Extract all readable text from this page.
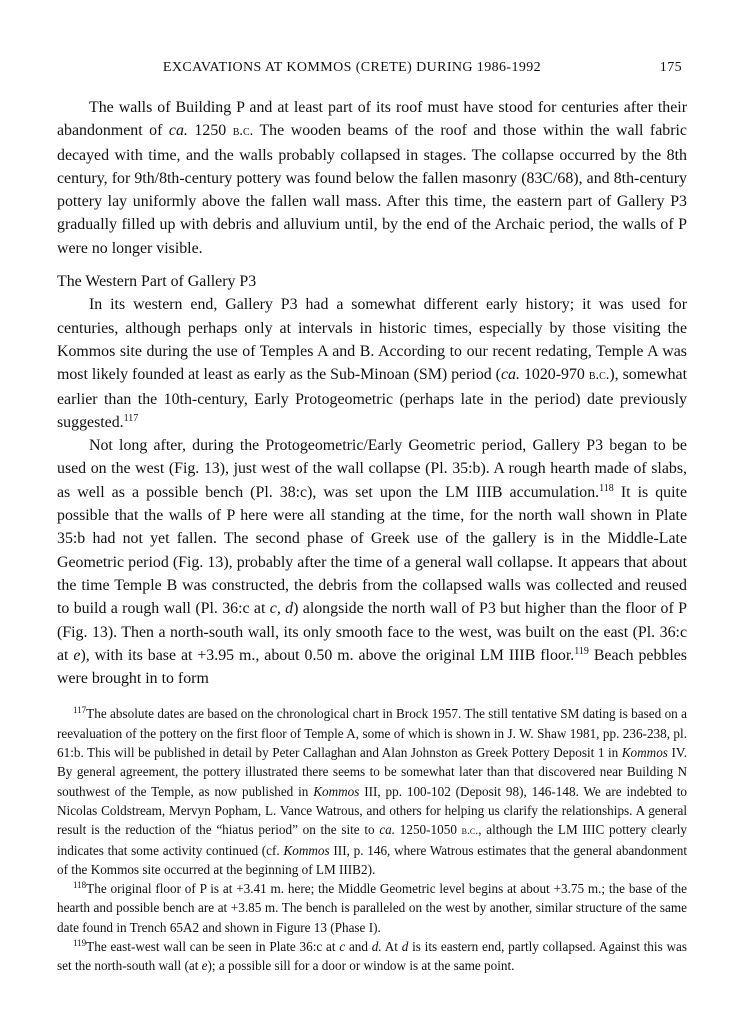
EXCAVATIONS AT KOMMOS (CRETE) DURING 1986-1992	175

The walls of Building P and at least part of its roof must have stood for centuries after their abandonment of ca. 1250 b.c. The wooden beams of the roof and those within the wall fabric decayed with time, and the walls probably collapsed in stages. The collapse occurred by the 8th century, for 9th/8th-century pottery was found below the fallen masonry (83C/68), and 8th-century pottery lay uniformly above the fallen wall mass. After this time, the eastern part of Gallery P3 gradually filled up with debris and alluvium until, by the end of the Archaic period, the walls of P were no longer visible.

The Western Part of Gallery P3

In its western end, Gallery P3 had a somewhat different early history; it was used for centuries, although perhaps only at intervals in historic times, especially by those visiting the Kommos site during the use of Temples A and B. According to our recent redating, Temple A was most likely founded at least as early as the Sub-Minoan (SM) period (ca. 1020-970 b.c.), somewhat earlier than the 10th-century, Early Protogeometric (perhaps late in the period) date previously suggested.$^{117}$

Not long after, during the Protogeometric/Early Geometric period, Gallery P3 began to be used on the west (Fig. 13), just west of the wall collapse (Pl. 35:b). A rough hearth made of slabs, as well as a possible bench (Pl. 38:c), was set upon the LM IIIB accumulation.$^{118}$ It is quite possible that the walls of P here were all standing at the time, for the north wall shown in Plate 35:b had not yet fallen. The second phase of Greek use of the gallery is in the Middle-Late Geometric period (Fig. 13), probably after the time of a general wall collapse. It appears that about the time Temple B was constructed, the debris from the collapsed walls was collected and reused to build a rough wall (Pl. 36:c at c, d) alongside the north wall of P3 but higher than the floor of P (Fig. 13). Then a north-south wall, its only smooth face to the west, was built on the east (Pl. 36:c at e), with its base at +3.95 m., about 0.50 m. above the original LM IIIB floor.$^{119}$ Beach pebbles were brought in to form

$^{117}$The absolute dates are based on the chronological chart in Brock 1957. The still tentative SM dating is based on a reevaluation of the pottery on the first floor of Temple A, some of which is shown in J. W. Shaw 1981, pp. 236-238, pl. 61:b. This will be published in detail by Peter Callaghan and Alan Johnston as Greek Pottery Deposit 1 in Kommos IV. By general agreement, the pottery illustrated there seems to be somewhat later than that discovered near Building N southwest of the Temple, as now published in Kommos III, pp. 100-102 (Deposit 98), 146-148. We are indebted to Nicolas Coldstream, Mervyn Popham, L. Vance Watrous, and others for helping us clarify the relationships. A general result is the reduction of the “hiatus period” on the site to ca. 1250-1050 b.c., although the LM IIIC pottery clearly indicates that some activity continued (cf. Kommos III, p. 146, where Watrous estimates that the general abandonment of the Kommos site occurred at the beginning of LM IIIB2).

$^{118}$The original floor of P is at +3.41 m. here; the Middle Geometric level begins at about +3.75 m.; the base of the hearth and possible bench are at +3.85 m. The bench is paralleled on the west by another, similar structure of the same date found in Trench 65A2 and shown in Figure 13 (Phase I).

$^{119}$The east-west wall can be seen in Plate 36:c at c and d. At d is its eastern end, partly collapsed. Against this was set the north-south wall (at e); a possible sill for a door or window is at the same point.
